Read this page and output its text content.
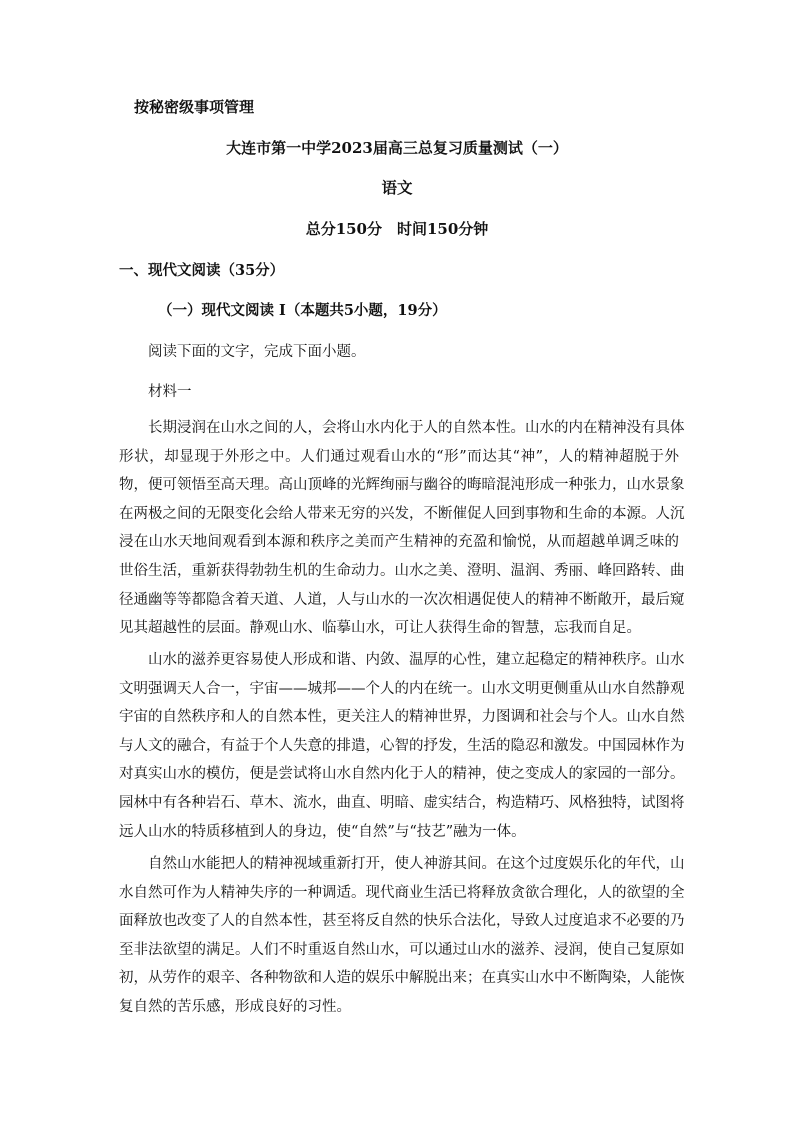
按秘密级事项管理
大连市第一中学2023届高三总复习质量测试（一）
语文
总分150分　时间150分钟
一、现代文阅读（35分）
（一）现代文阅读 I（本题共5小题，19分）
阅读下面的文字，完成下面小题。
材料一
长期浸润在山水之间的人，会将山水内化于人的自然本性。山水的内在精神没有具体
形状，却显现于外形之中。人们通过观看山水的“形”而达其“神”，人的精神超脱于外
物，便可领悟至高天理。高山顶峰的光辉绚丽与幽谷的晦暗混沌形成一种张力，山水景象
在两极之间的无限变化会给人带来无穷的兴发，不断催促人回到事物和生命的本源。人沉
浸在山水天地间观看到本源和秩序之美而产生精神的充盈和愉悦，从而超越单调乏味的
世俗生活，重新获得勃勃生机的生命动力。山水之美、澄明、温润、秀丽、峰回路转、曲
径通幽等等都隐含着天道、人道，人与山水的一次次相遇促使人的精神不断敞开，最后窥
见其超越性的层面。静观山水、临摹山水，可让人获得生命的智慧，忘我而自足。
山水的滋养更容易使人形成和谐、内敛、温厚的心性，建立起稳定的精神秩序。山水
文明强调天人合一，宇宙——城邦——个人的内在统一。山水文明更侧重从山水自然静观
宇宙的自然秩序和人的自然本性，更关注人的精神世界，力图调和社会与个人。山水自然
与人文的融合，有益于个人失意的排遣，心智的抒发，生活的隐忍和激发。中国园林作为
对真实山水的模仿，便是尝试将山水自然内化于人的精神，使之变成人的家园的一部分。
园林中有各种岩石、草木、流水，曲直、明暗、虚实结合，构造精巧、风格独特，试图将
远人山水的特质移植到人的身边，使“自然”与“技艺”融为一体。
自然山水能把人的精神视域重新打开，使人神游其间。在这个过度娱乐化的年代，山
水自然可作为人精神失序的一种调适。现代商业生活已将释放贪欲合理化，人的欲望的全
面释放也改变了人的自然本性，甚至将反自然的快乐合法化，导致人过度追求不必要的乃
至非法欲望的满足。人们不时重返自然山水，可以通过山水的滋养、浸润，使自己复原如
初，从劳作的艰辛、各种物欲和人造的娱乐中解脱出来；在真实山水中不断陶染，人能恢
复自然的苦乐感，形成良好的习性。
